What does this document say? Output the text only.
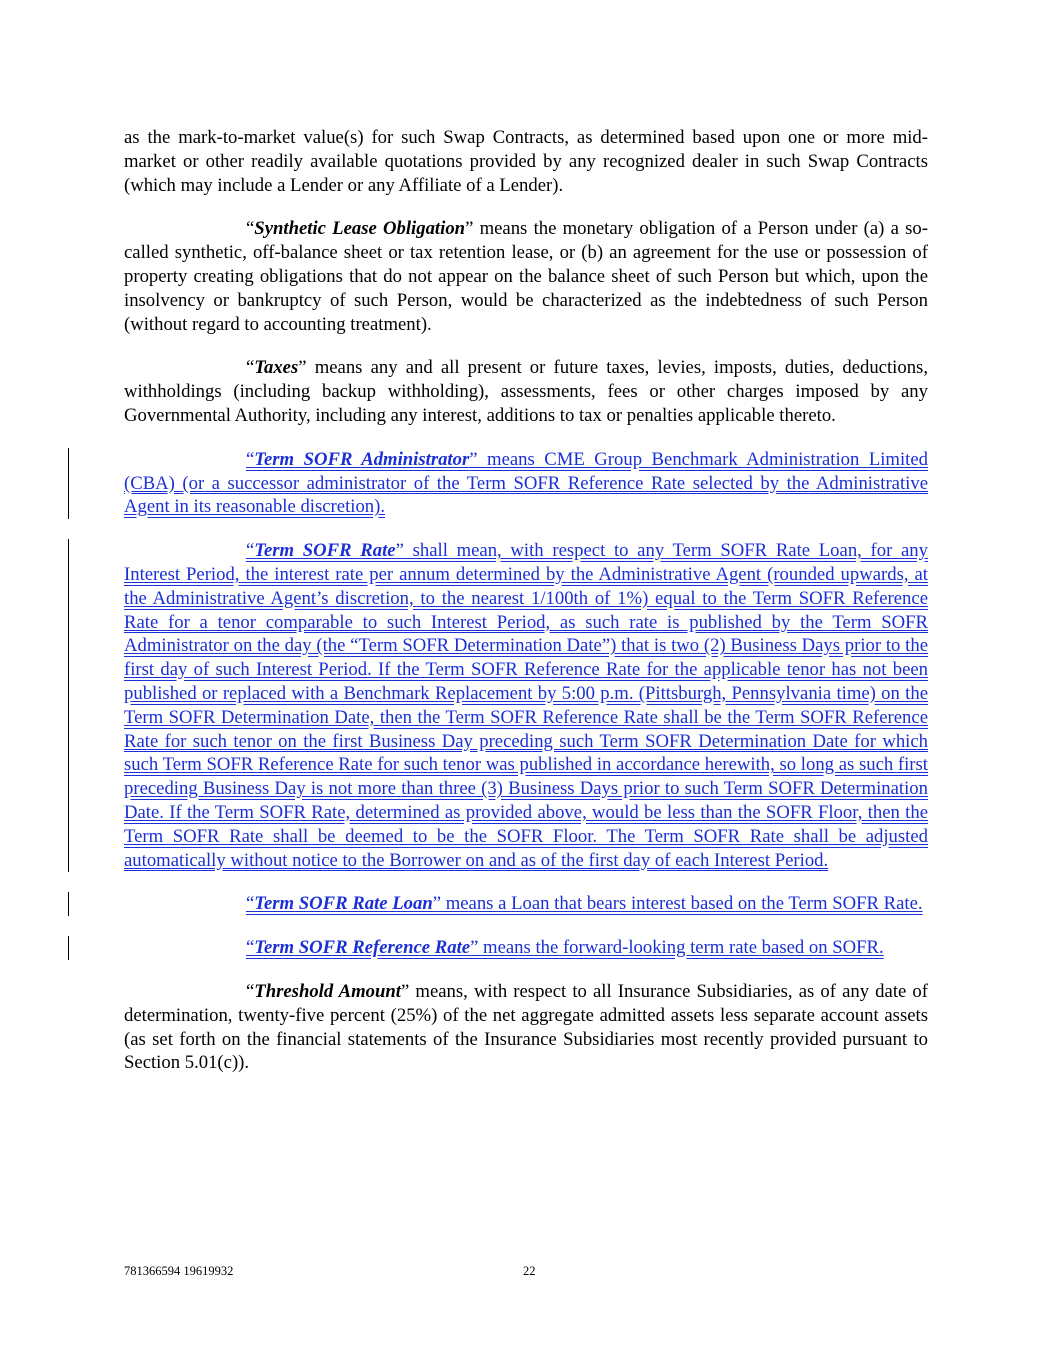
as the mark-to-market value(s) for such Swap Contracts, as determined based upon one or more mid-market or other readily available quotations provided by any recognized dealer in such Swap Contracts (which may include a Lender or any Affiliate of a Lender).

“Synthetic Lease Obligation” means the monetary obligation of a Person under (a) a so-called synthetic, off-balance sheet or tax retention lease, or (b) an agreement for the use or possession of property creating obligations that do not appear on the balance sheet of such Person but which, upon the insolvency or bankruptcy of such Person, would be characterized as the indebtedness of such Person (without regard to accounting treatment).

“Taxes” means any and all present or future taxes, levies, imposts, duties, deductions, withholdings (including backup withholding), assessments, fees or other charges imposed by any Governmental Authority, including any interest, additions to tax or penalties applicable thereto.

“Term SOFR Administrator” means CME Group Benchmark Administration Limited (CBA) (or a successor administrator of the Term SOFR Reference Rate selected by the Administrative Agent in its reasonable discretion).

“Term SOFR Rate” shall mean, with respect to any Term SOFR Rate Loan, for any Interest Period, the interest rate per annum determined by the Administrative Agent (rounded upwards, at the Administrative Agent’s discretion, to the nearest 1/100th of 1%) equal to the Term SOFR Reference Rate for a tenor comparable to such Interest Period, as such rate is published by the Term SOFR Administrator on the day (the “Term SOFR Determination Date”) that is two (2) Business Days prior to the first day of such Interest Period. If the Term SOFR Reference Rate for the applicable tenor has not been published or replaced with a Benchmark Replacement by 5:00 p.m. (Pittsburgh, Pennsylvania time) on the Term SOFR Determination Date, then the Term SOFR Reference Rate shall be the Term SOFR Reference Rate for such tenor on the first Business Day preceding such Term SOFR Determination Date for which such Term SOFR Reference Rate for such tenor was published in accordance herewith, so long as such first preceding Business Day is not more than three (3) Business Days prior to such Term SOFR Determination Date. If the Term SOFR Rate, determined as provided above, would be less than the SOFR Floor, then the Term SOFR Rate shall be deemed to be the SOFR Floor. The Term SOFR Rate shall be adjusted automatically without notice to the Borrower on and as of the first day of each Interest Period.

“Term SOFR Rate Loan” means a Loan that bears interest based on the Term SOFR Rate.

“Term SOFR Reference Rate” means the forward-looking term rate based on SOFR.

“Threshold Amount” means, with respect to all Insurance Subsidiaries, as of any date of determination, twenty-five percent (25%) of the net aggregate admitted assets less separate account assets (as set forth on the financial statements of the Insurance Subsidiaries most recently provided pursuant to Section 5.01(c)).

781366594 19619932	22
